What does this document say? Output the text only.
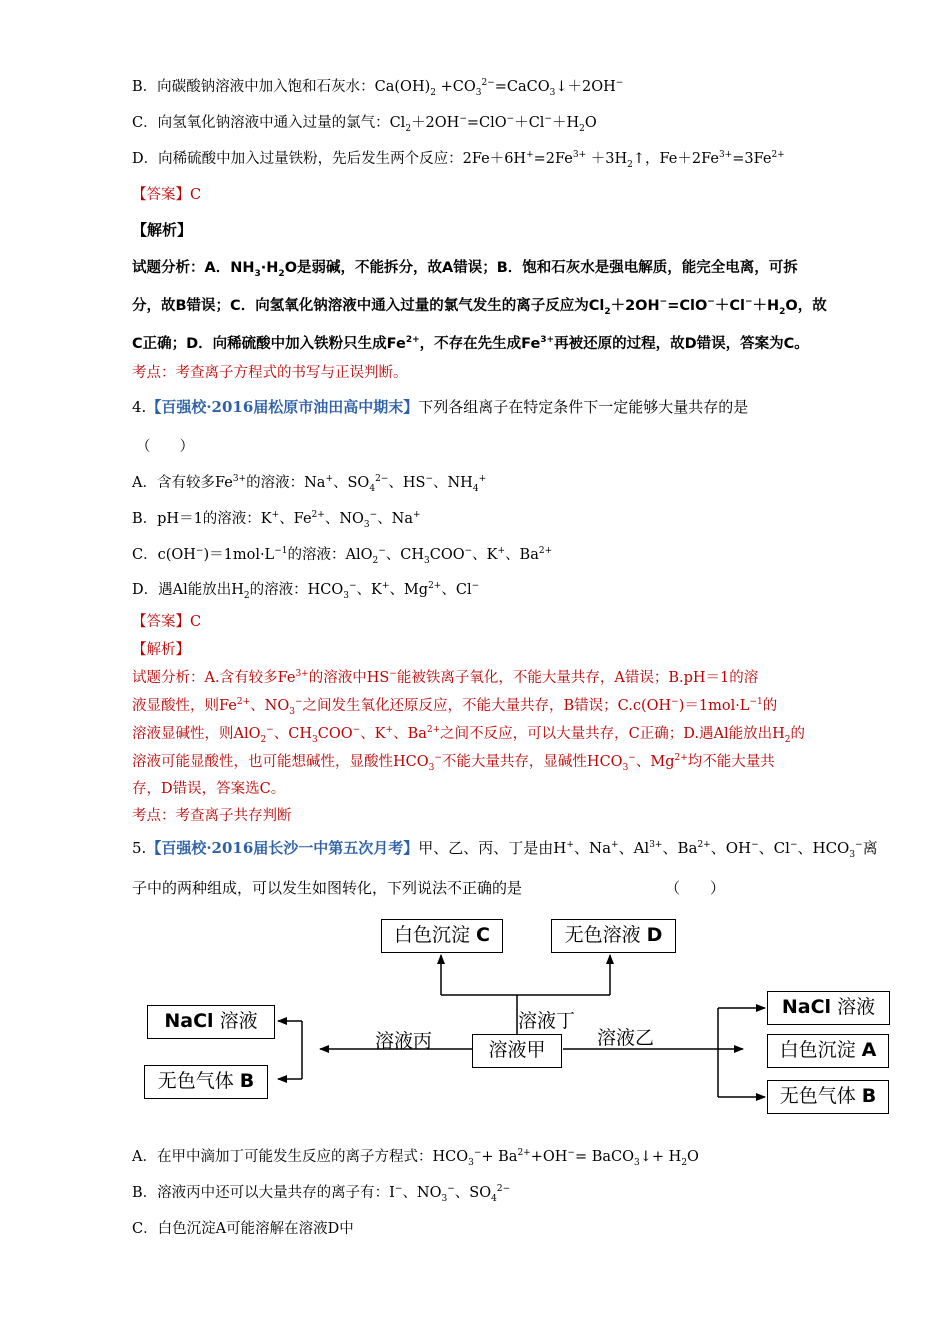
B．向碳酸钠溶液中加入饱和石灰水：$Ca(OH)_2$ $+CO_3^{2-}=CaCO_3↓+2OH^-$
C．向氢氧化钠溶液中通入过量的氯气：$Cl_2+2OH^-=ClO^-+Cl^-+H_2O$
D．向稀硫酸中加入过量铁粉，先后发生两个反应：$2Fe+6H^+=2Fe^{3+}$ $+3H_2↑$，$Fe+2Fe^{3+}=3Fe^{2+}$
【答案】C
【解析】
试题分析：A．$NH_3\cdot H_2O$是弱碱，不能拆分，故A错误；B．饱和石灰水是强电解质，能完全电离，可拆
分，故B错误；C．向氢氧化钠溶液中通入过量的氯气发生的离子反应为$Cl_2+2OH^-=ClO^-+Cl^-+H_2O$，故
C正确；D．向稀硫酸中加入铁粉只生成$Fe^{2+}$，不存在先生成$Fe^{3+}$再被还原的过程，故D错误，答案为C。
考点：考查离子方程式的书写与正误判断。
4.【百强校·2016届松原市油田高中期末】下列各组离子在特定条件下一定能够大量共存的是
（　　）
A．含有较多$Fe^{3+}$的溶液：Na+、$SO_4^{2-}$、HS−、$NH_4^+$
B．pH＝1的溶液：K+、$Fe^{2+}$、$NO_3^-$、Na+
C．$c(OH^-)=1mol\cdot L^{-1}$的溶液：AlO$_2$−、$CH_3COO^-$、K+、$Ba^{2+}$
D．遇Al能放出$H_2$的溶液：$HCO_3^-$、K+、$Mg^{2+}$、Cl−
【答案】C
【解析】
试题分析：A.含有较多$Fe^{3+}$的溶液中HS−能被铁离子氧化，不能大量共存，A错误；B.pH＝1的溶
液显酸性，则$Fe^{2+}$、$NO_3^-$之间发生氧化还原反应，不能大量共存，B错误；$C.c(OH^-)=1mol\cdot L^{-1}$的
溶液显碱性，则AlO$_2$−、$CH_3COO^-$、K+、$Ba^{2+}$之间不反应，可以大量共存，C正确；D.遇Al能放出$H_2$的
溶液可能显酸性，也可能想碱性，显酸性$HCO_3^-$不能大量共存，显碱性$HCO_3^-$、$Mg^{2+}$均不能大量共
存，D错误，答案选C。
考点：考查离子共存判断
5.【百强校·2016届长沙一中第五次月考】甲、乙、丙、丁是由H+、Na+、$Al^{3+}$、$Ba^{2+}$、OH−、Cl−、$HCO_3^-$离
子中的两种组成，可以发生如图转化，下列说法不正确的是	（　　）
白色沉淀 C	无色溶液 D
NaCl 溶液
无色气体 B
溶液甲
NaCl 溶液
白色沉淀 A
无色气体 B
溶液丙
溶液丁
溶液乙
A．在甲中滴加丁可能发生反应的离子方程式：$HCO_3^-+ Ba^{2+}+OH^-=$ BaCO$_3$↓+ $H_2O$
B．溶液丙中还可以大量共存的离子有：I−、$NO_3^-$、$SO_4^{2-}$
C．白色沉淀A可能溶解在溶液D中
